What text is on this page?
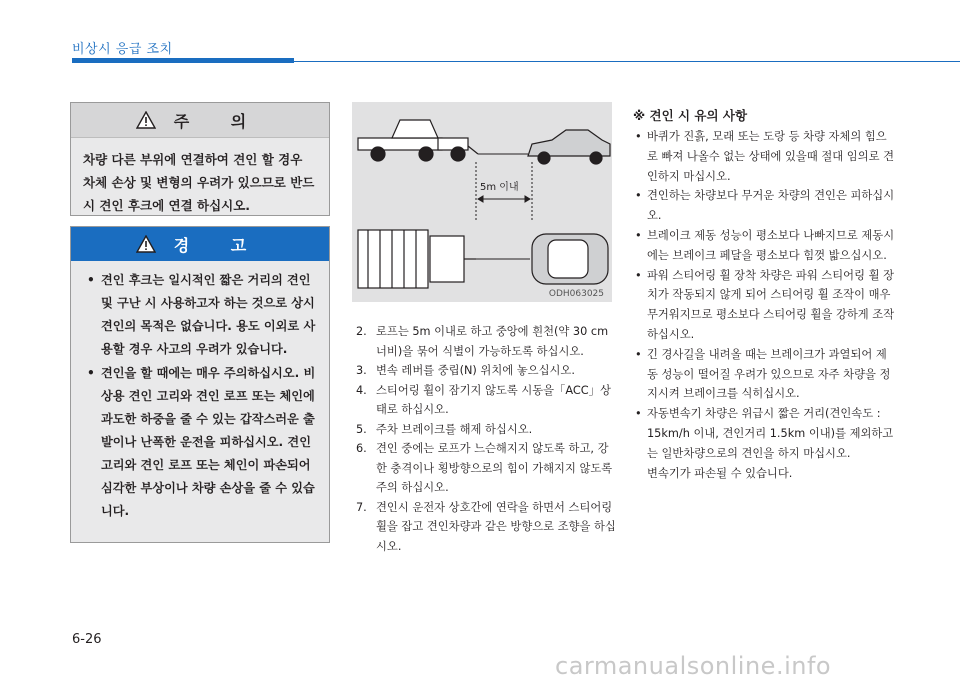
비상시 응급 조치
주 의
차량 다른 부위에 연결하여 견인 할 경우 차체 손상 및 변형의 우려가 있으므로 반드시 견인 후크에 연결 하십시오.
경 고
• 견인 후크는 일시적인 짧은 거리의 견인 및 구난 시 사용하고자 하는 것으로 상시 견인의 목적은 없습니다. 용도 이외로 사용할 경우 사고의 우려가 있습니다.
• 견인을 할 때에는 매우 주의하십시오. 비상용 견인 고리와 견인 로프 또는 체인에 과도한 하중을 줄 수 있는 갑작스러운 출발이나 난폭한 운전을 피하십시오. 견인 고리와 견인 로프 또는 체인이 파손되어 심각한 부상이나 차량 손상을 줄 수 있습니다.
5m 이내
ODH063025
2. 로프는 5m 이내로 하고 중앙에 흰천(약 30 cm 너비)을 묶어 식별이 가능하도록 하십시오.
3. 변속 레버를 중립(N) 위치에 놓으십시오.
4. 스티어링 휠이 잠기지 않도록 시동을「ACC」상태로 하십시오.
5. 주차 브레이크를 해제 하십시오.
6. 견인 중에는 로프가 느슨해지지 않도록 하고, 강한 충격이나 횡방향으로의 힘이 가해지지 않도록 주의 하십시오.
7. 견인시 운전자 상호간에 연락을 하면서 스티어링 휠을 잡고 견인차량과 같은 방향으로 조향을 하십시오.
※ 견인 시 유의 사항
• 바퀴가 진흙, 모래 또는 도랑 등 차량 자체의 힘으로 빠져 나올수 없는 상태에 있을때 절대 임의로 견인하지 마십시오.
• 견인하는 차량보다 무거운 차량의 견인은 피하십시오.
• 브레이크 제동 성능이 평소보다 나빠지므로 제동시에는 브레이크 페달을 평소보다 힘껏 밟으십시오.
• 파워 스티어링 휠 장착 차량은 파워 스티어링 휠 장치가 작동되지 않게 되어 스티어링 휠 조작이 매우 무거워지므로 평소보다 스티어링 휠을 강하게 조작하십시오.
• 긴 경사길을 내려올 때는 브레이크가 과열되어 제동 성능이 떨어질 우려가 있으므로 자주 차량을 정지시켜 브레이크를 식히십시오.
• 자동변속기 차량은 위급시 짧은 거리(견인속도 : 15km/h 이내, 견인거리 1.5km 이내)를 제외하고는 일반차량으로의 견인을 하지 마십시오.
변속기가 파손될 수 있습니다.
6-26
carmanualsonline.info
